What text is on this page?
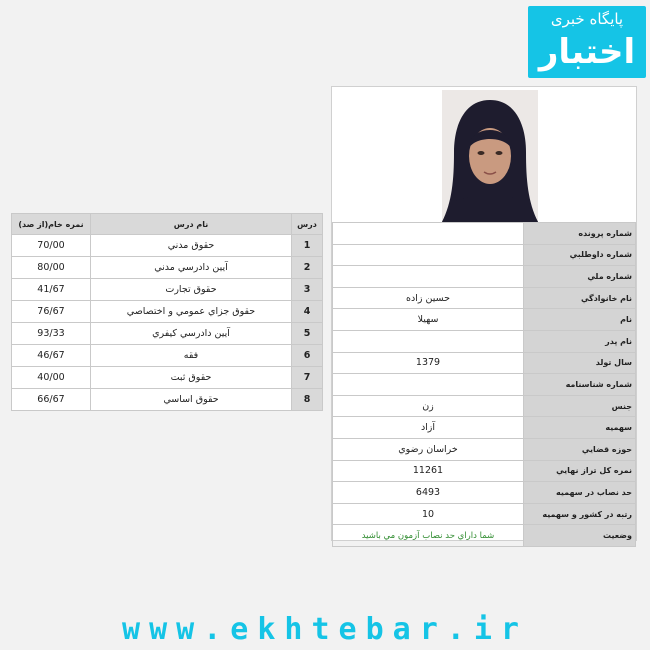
پایگاه خبری
اختبار
درس	نام درس	نمره خام(از صد)
1	حقوق مدني	70/00
2	آيين دادرسي مدني	80/00
3	حقوق تجارت	41/67
4	حقوق جزاي عمومي و اختصاصي	76/67
5	آيين دادرسي كيفري	93/33
6	فقه	46/67
7	حقوق ثبت	40/00
8	حقوق اساسي	66/67
شماره پرونده	
شماره داوطلبي	
شماره ملي	
نام خانوادگي	حسين زاده
نام	سهيلا
نام پدر	
سال تولد	1379
شماره شناسنامه	
جنس	زن
سهميه	آزاد
حوزه قضايي	خراسان رضوي
نمره كل تراز نهايي	11261
حد نصاب در سهميه	6493
رتبه در كشور و سهميه	10
وضعيت	شما داراي حد نصاب آزمون مي باشيد
www.ekhtebar.ir
